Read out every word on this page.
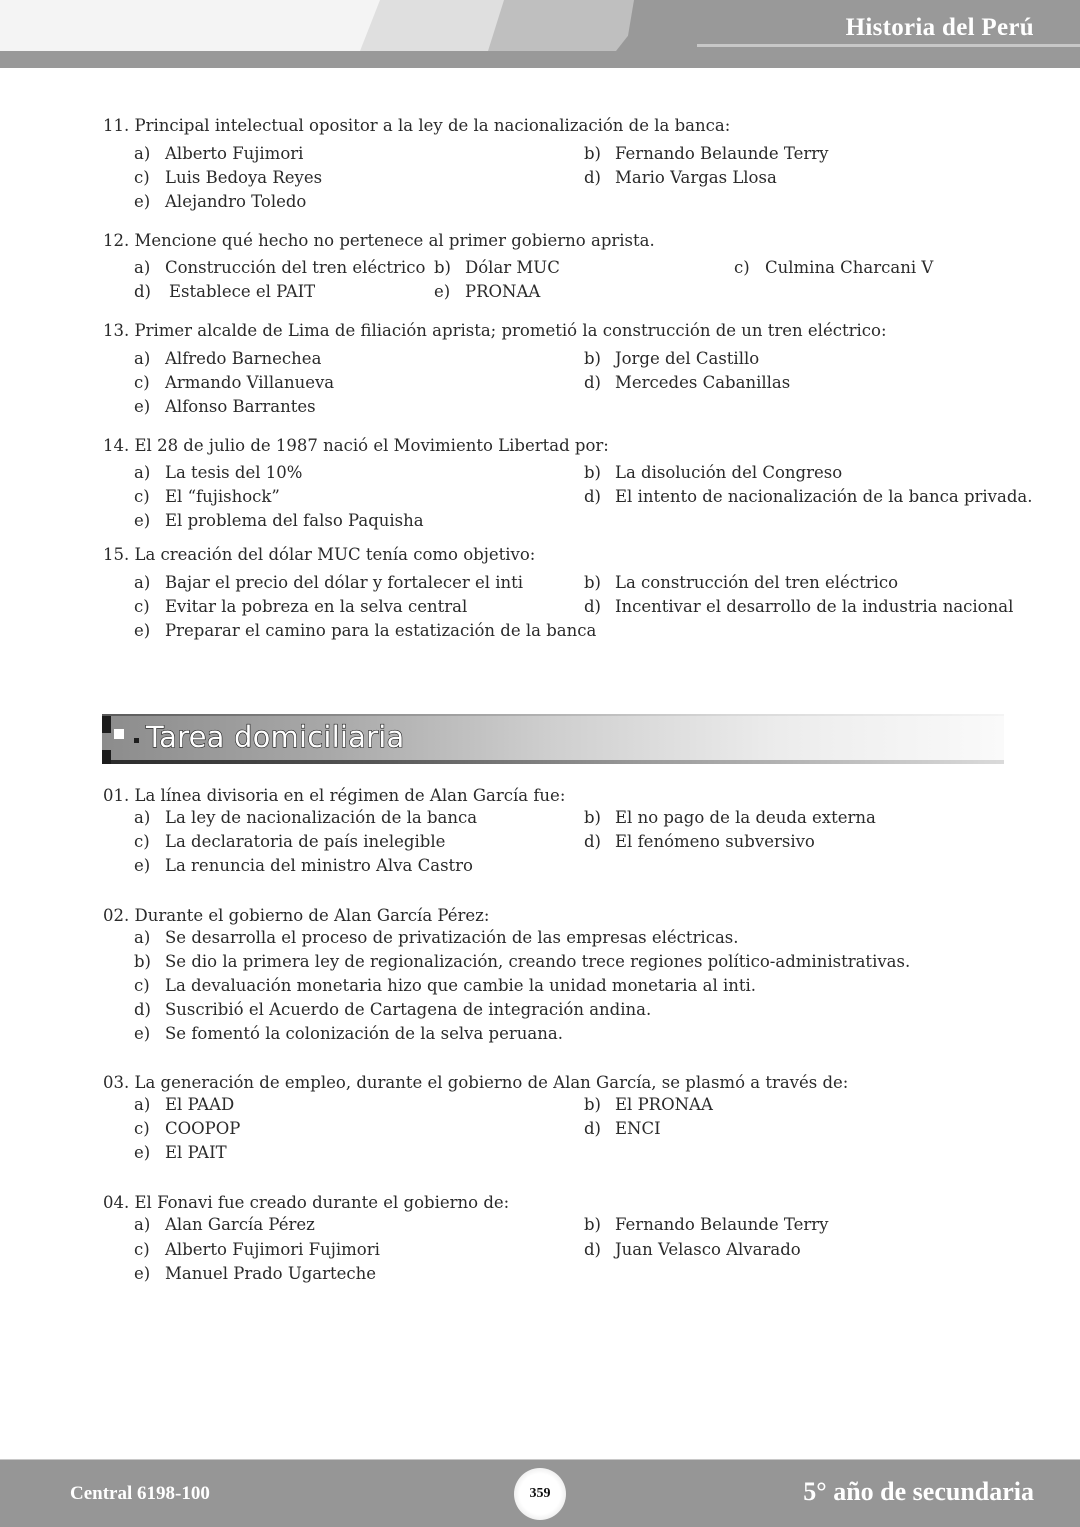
Historia del Perú
11. Principal intelectual opositor a la ley de la nacionalización de la banca:
a) Alberto Fujimori	b) Fernando Belaunde Terry
c) Luis Bedoya Reyes	d) Mario Vargas Llosa
e) Alejandro Toledo
12. Mencione qué hecho no pertenece al primer gobierno aprista.
a) Construcción del tren eléctrico b) Dólar MUC	c) Culmina Charcani V
d) Establece el PAIT	e) PRONAA
13. Primer alcalde de Lima de filiación aprista; prometió la construcción de un tren eléctrico:
a) Alfredo Barnechea	b) Jorge del Castillo
c) Armando Villanueva	d) Mercedes Cabanillas
e) Alfonso Barrantes
14. El 28 de julio de 1987 nació el Movimiento Libertad por:
a) La tesis del 10%	b) La disolución del Congreso
c) El “fujishock”	d) El intento de nacionalización de la banca privada.
e) El problema del falso Paquisha
15. La creación del dólar MUC tenía como objetivo:
a) Bajar el precio del dólar y fortalecer el inti	b) La construcción del tren eléctrico
c) Evitar la pobreza en la selva central	d) Incentivar el desarrollo de la industria nacional
e) Preparar el camino para la estatización de la banca
Tarea domiciliaria
01. La línea divisoria en el régimen de Alan García fue:
a) La ley de nacionalización de la banca	b) El no pago de la deuda externa
c) La declaratoria de país inelegible	d) El fenómeno subversivo
e) La renuncia del ministro Alva Castro
02. Durante el gobierno de Alan García Pérez:
a) Se desarrolla el proceso de privatización de las empresas eléctricas.
b) Se dio la primera ley de regionalización, creando trece regiones político-administrativas.
c) La devaluación monetaria hizo que cambie la unidad monetaria al inti.
d) Suscribió el Acuerdo de Cartagena de integración andina.
e) Se fomentó la colonización de la selva peruana.
03. La generación de empleo, durante el gobierno de Alan García, se plasmó a través de:
a) El PAAD	b) El PRONAA
c) COOPOP	d) ENCI
e) El PAIT
04. El Fonavi fue creado durante el gobierno de:
a) Alan García Pérez	b) Fernando Belaunde Terry
c) Alberto Fujimori Fujimori	d) Juan Velasco Alvarado
e) Manuel Prado Ugarteche
Central 6198-100	359	5° año de secundaria
